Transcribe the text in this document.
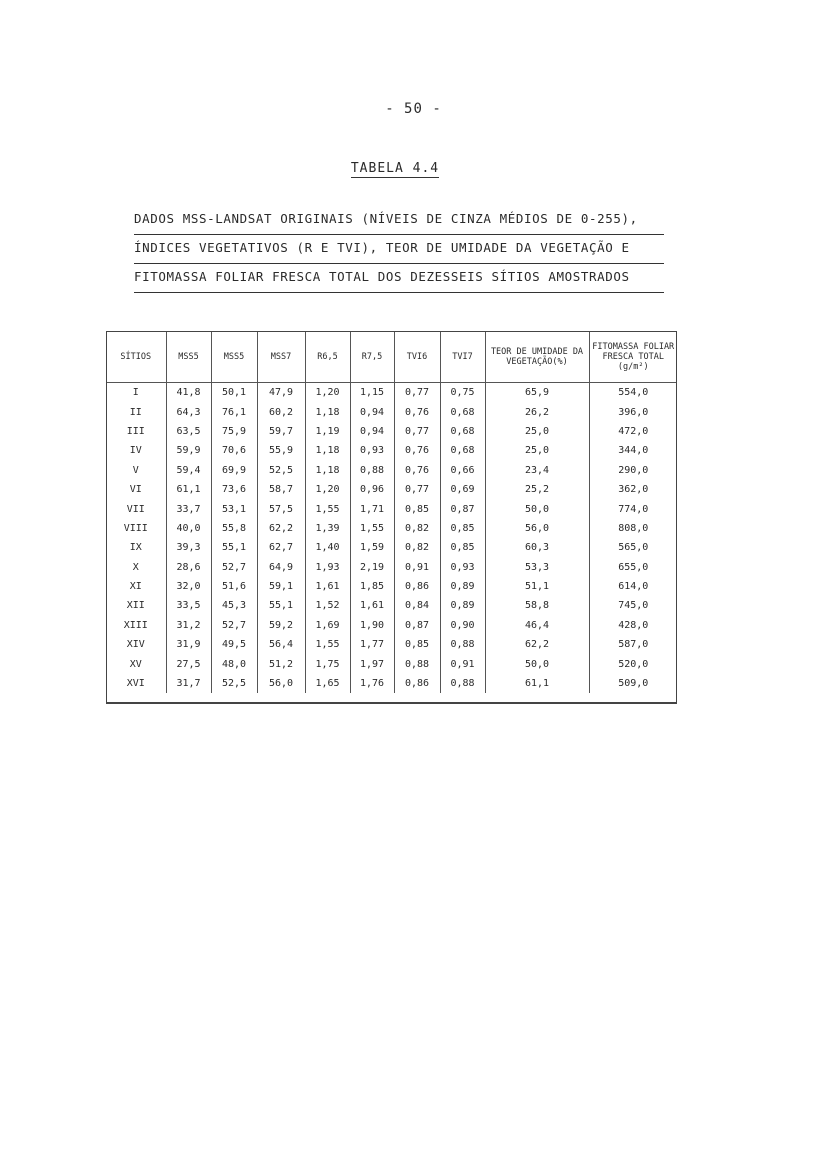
- 50 -
TABELA 4.4
DADOS MSS-LANDSAT ORIGINAIS (NÍVEIS DE CINZA MÉDIOS DE 0-255),
ÍNDICES VEGETATIVOS (R E TVI), TEOR DE UMIDADE DA VEGETAÇÃO E
FITOMASSA FOLIAR FRESCA TOTAL DOS DEZESSEIS SÍTIOS AMOSTRADOS
SÍTIOS	MSS5	MSS5	MSS7	R6,5	R7,5	TVI6	TVI7	TEOR DE UMIDADE DA VEGETAÇÃO(%)	FITOMASSA FOLIAR FRESCA TOTAL (g/m²)
I	41,8	50,1	47,9	1,20	1,15	0,77	0,75	65,9	554,0
II	64,3	76,1	60,2	1,18	0,94	0,76	0,68	26,2	396,0
III	63,5	75,9	59,7	1,19	0,94	0,77	0,68	25,0	472,0
IV	59,9	70,6	55,9	1,18	0,93	0,76	0,68	25,0	344,0
V	59,4	69,9	52,5	1,18	0,88	0,76	0,66	23,4	290,0
VI	61,1	73,6	58,7	1,20	0,96	0,77	0,69	25,2	362,0
VII	33,7	53,1	57,5	1,55	1,71	0,85	0,87	50,0	774,0
VIII	40,0	55,8	62,2	1,39	1,55	0,82	0,85	56,0	808,0
IX	39,3	55,1	62,7	1,40	1,59	0,82	0,85	60,3	565,0
X	28,6	52,7	64,9	1,93	2,19	0,91	0,93	53,3	655,0
XI	32,0	51,6	59,1	1,61	1,85	0,86	0,89	51,1	614,0
XII	33,5	45,3	55,1	1,52	1,61	0,84	0,89	58,8	745,0
XIII	31,2	52,7	59,2	1,69	1,90	0,87	0,90	46,4	428,0
XIV	31,9	49,5	56,4	1,55	1,77	0,85	0,88	62,2	587,0
XV	27,5	48,0	51,2	1,75	1,97	0,88	0,91	50,0	520,0
XVI	31,7	52,5	56,0	1,65	1,76	0,86	0,88	61,1	509,0
